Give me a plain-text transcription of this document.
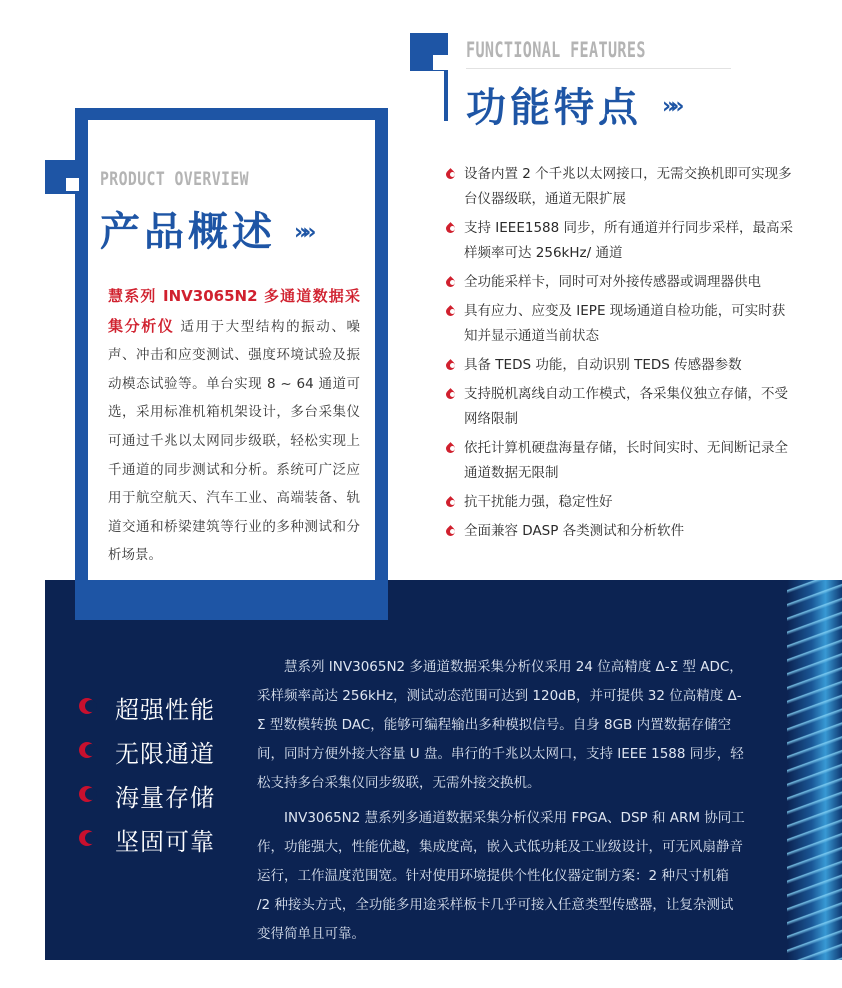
超强性能
无限通道
海量存储
坚固可靠

慧系列 INV3065N2 多通道数据采集分析仪采用 24 位高精度 Δ-Σ 型 ADC，采样频率高达 256kHz，测试动态范围可达到 120dB，并可提供 32 位高精度 Δ-Σ 型数模转换 DAC，能够可编程输出多种模拟信号。自身 8GB 内置数据存储空间，同时方便外接大容量 U 盘。串行的千兆以太网口，支持 IEEE 1588 同步，轻松支持多台采集仪同步级联，无需外接交换机。

INV3065N2 慧系列多通道数据采集分析仪采用 FPGA、DSP 和 ARM 协同工作，功能强大，性能优越，集成度高，嵌入式低功耗及工业级设计，可无风扇静音运行，工作温度范围宽。针对使用环境提供个性化仪器定制方案：2 种尺寸机箱 /2 种接头方式，全功能多用途采样板卡几乎可接入任意类型传感器，让复杂测试变得简单且可靠。

PRODUCT OVERVIEW
产品概述 »»
慧系列 INV3065N2 多通道数据采集分析仪 适用于大型结构的振动、噪声、冲击和应变测试、强度环境试验及振动模态试验等。单台实现 8 ~ 64 通道可选，采用标准机箱机架设计，多台采集仪可通过千兆以太网同步级联，轻松实现上千通道的同步测试和分析。系统可广泛应用于航空航天、汽车工业、高端装备、轨道交通和桥梁建筑等行业的多种测试和分析场景。
FUNCTIONAL FEATURES
功能特点 »»
设备内置 2 个千兆以太网接口，无需交换机即可实现多台仪器级联，通道无限扩展
支持 IEEE1588 同步，所有通道并行同步采样，最高采样频率可达 256kHz/ 通道
全功能采样卡，同时可对外接传感器或调理器供电
具有应力、应变及 IEPE 现场通道自检功能，可实时获知并显示通道当前状态
具备 TEDS 功能，自动识别 TEDS 传感器参数
支持脱机离线自动工作模式，各采集仪独立存储，不受网络限制
依托计算机硬盘海量存储，长时间实时、无间断记录全通道数据无限制
抗干扰能力强，稳定性好
全面兼容 DASP 各类测试和分析软件
